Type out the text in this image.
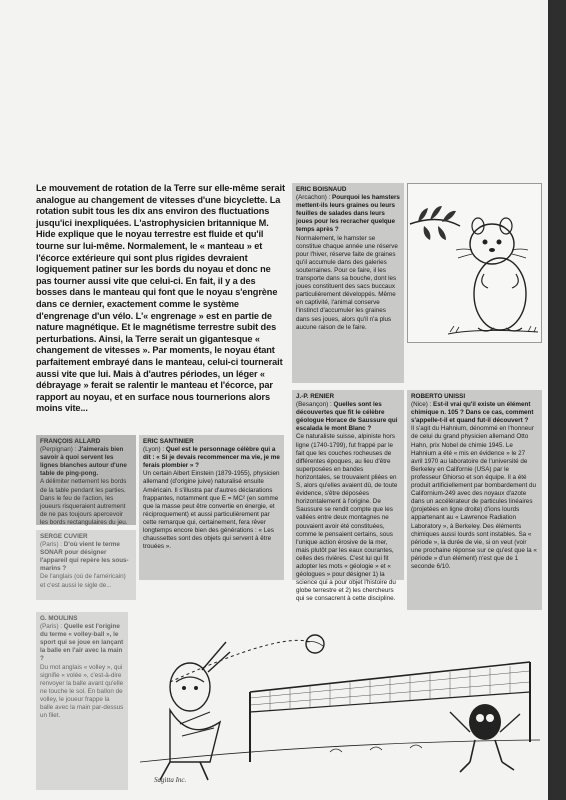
Le mouvement de rotation de la Terre sur elle-même serait analogue au changement de vitesses d'une bicyclette. La rotation subit tous les dix ans environ des fluctuations jusqu'ici inexpliquées. L'astrophysicien britannique M. Hide explique que le noyau terrestre est fluide et qu'il tourne sur lui-même. Normalement, le « manteau » et l'écorce extérieure qui sont plus rigides devraient logiquement patiner sur les bords du noyau et donc ne pas tourner aussi vite que celui-ci. En fait, il y a des bosses dans le manteau qui font que le noyau s'engrène dans ce dernier, exactement comme le système d'engrenage d'un vélo. L'« engrenage » est en partie de nature magnétique. Et le magnétisme terrestre subit des perturbations. Ainsi, la Terre serait un gigantesque « changement de vitesses ». Par moments, le noyau étant parfaitement embrayé dans le manteau, celui-ci tournerait aussi vite que lui. Mais à d'autres périodes, un léger « débrayage » ferait se ralentir le manteau et l'écorce, par rapport au noyau, et en surface nous tournerions alors moins vite...
ERIC BOISNAUD
(Arcachon) : Pourquoi les hamsters mettent-ils leurs graines ou leurs feuilles de salades dans leurs joues pour les recracher quelque temps après ?
Normalement, le hamster se constitue chaque année une réserve pour l'hiver, réserve faite de graines qu'il accumule dans des galeries souterraines. Pour ce faire, il les transporte dans sa bouche, dont les joues constituent des sacs buccaux particulièrement développés. Même en captivité, l'animal conserve l'instinct d'accumuler les graines dans ses joues, alors qu'il n'a plus aucune raison de le faire.
J.-P. RENIER
(Besançon) : Quelles sont les découvertes que fit le célèbre géologue Horace de Saussure qui escalada le mont Blanc ?
Ce naturaliste suisse, alpiniste hors ligne (1740-1799), fut frappé par le fait que les couches rocheuses de différentes époques, au lieu d'être superposées en bandes horizontales, se trouvaient pliées en S, alors qu'elles avaient dû, de toute évidence, s'être déposées horizontalement à l'origine. De Saussure se rendit compte que les vallées entre deux montagnes ne pouvaient avoir été constituées, comme le pensaient certains, sous l'unique action érosive de la mer, mais plutôt par les eaux courantes, celles des rivières. C'est lui qui fit adopter les mots « géologie » et « géologues » pour désigner 1) la science qui a pour objet l'histoire du globe terrestre et 2) les chercheurs qui se consacrent à cette discipline.
ROBERTO UNISSI
(Nice) : Est-il vrai qu'il existe un élément chimique n. 105 ? Dans ce cas, comment s'appelle-t-il et quand fut-il découvert ?
Il s'agit du Hahnium, dénommé en l'honneur de celui du grand physicien allemand Otto Hahn, prix Nobel de chimie 1945. Le Hahnium a été « mis en évidence » le 27 avril 1970 au laboratoire de l'université de Berkeley en Californie (USA) par le professeur Ghiorso et son équipe. Il a été produit artificiellement par bombardement du Californium-249 avec des noyaux d'azote dans un accélérateur de particules linéaires (projetées en ligne droite) d'ions lourds appartenant au « Lawrence Radiation Laboratory », à Berkeley. Des éléments chimiques aussi lourds sont instables. Sa « période », la durée de vie, si on veut (voir une prochaine réponse sur ce qu'est que la « période » d'un élément) n'est que de 1 seconde 6/10.
FRANÇOIS ALLARD
(Perpignan) : J'aimerais bien savoir à quoi servent les lignes blanches autour d'une table de ping-pong.
A délimiter nettement les bords de la table pendant les parties. Dans le feu de l'action, les joueurs risqueraient autrement de ne pas toujours apercevoir les bords rectangulaires du jeu.
SERGE CUVIER
(Paris) : D'où vient le terme SONAR pour désigner l'appareil qui repère les sous-marins ?
De l'anglais (où de l'américain) et c'est aussi le sigle de...
ERIC SANTINIER
(Lyon) : Quel est le personnage célèbre qui a dit : « Si je devais recommencer ma vie, je me ferais plombier » ?
Un certain Albert Einstein (1879-1955), physicien allemand (d'origine juive) naturalisé ensuite Américain. Il s'illustra par d'autres déclarations frappantes, notamment que E = MC² (en somme que la masse peut être convertie en énergie, et réciproquement) et aussi particulièrement par cette remarque qui, certainement, fera rêver longtemps encore bien des générations : « Les chaussettes sont des objets qui servent à être trouées ».
G. MOULINS
(Paris) : Quelle est l'origine du terme « volley-ball », le sport qui se joue en lançant la balle en l'air avec la main ?
Du mot anglais « volley », qui signifie « volée », c'est-à-dire renvoyer la balle avant qu'elle ne touche le sol. En ballon de volley, le joueur frappe la balle avec la main par-dessus un filet.
Sagitta Inc.
